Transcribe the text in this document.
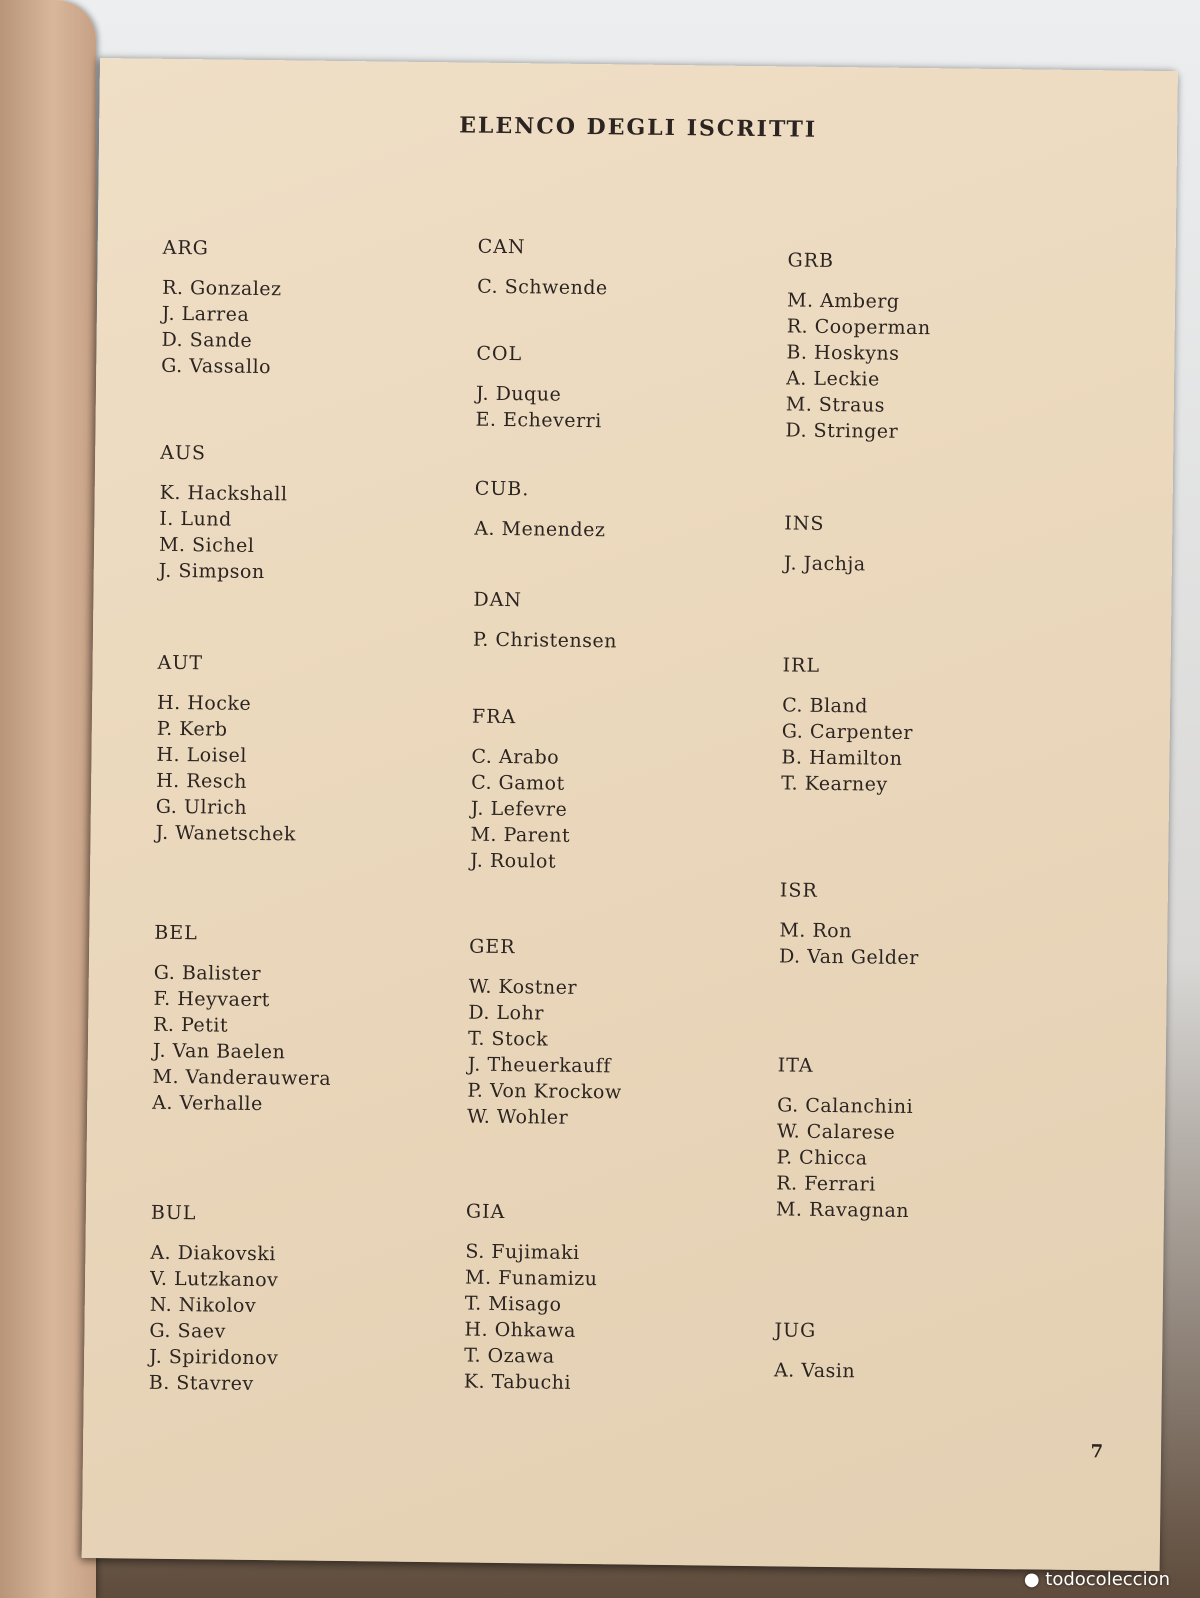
ELENCO DEGLI ISCRITTI
ARG
R. Gonzalez
J. Larrea
D. Sande
G. Vassallo
AUS
K. Hackshall
I. Lund
M. Sichel
J. Simpson
AUT
H. Hocke
P. Kerb
H. Loisel
H. Resch
G. Ulrich
J. Wanetschek
BEL
G. Balister
F. Heyvaert
R. Petit
J. Van Baelen
M. Vanderauwera
A. Verhalle
BUL
A. Diakovski
V. Lutzkanov
N. Nikolov
G. Saev
J. Spiridonov
B. Stavrev
CAN
C. Schwende
COL
J. Duque
E. Echeverri
CUB.
A. Menendez
DAN
P. Christensen
FRA
C. Arabo
C. Gamot
J. Lefevre
M. Parent
J. Roulot
GER
W. Kostner
D. Lohr
T. Stock
J. Theuerkauff
P. Von Krockow
W. Wohler
GIA
S. Fujimaki
M. Funamizu
T. Misago
H. Ohkawa
T. Ozawa
K. Tabuchi
GRB
M. Amberg
R. Cooperman
B. Hoskyns
A. Leckie
M. Straus
D. Stringer
INS
J. Jachja
IRL
C. Bland
G. Carpenter
B. Hamilton
T. Kearney
ISR
M. Ron
D. Van Gelder
ITA
G. Calanchini
W. Calarese
P. Chicca
R. Ferrari
M. Ravagnan
JUG
A. Vasin
7
● todocoleccion
